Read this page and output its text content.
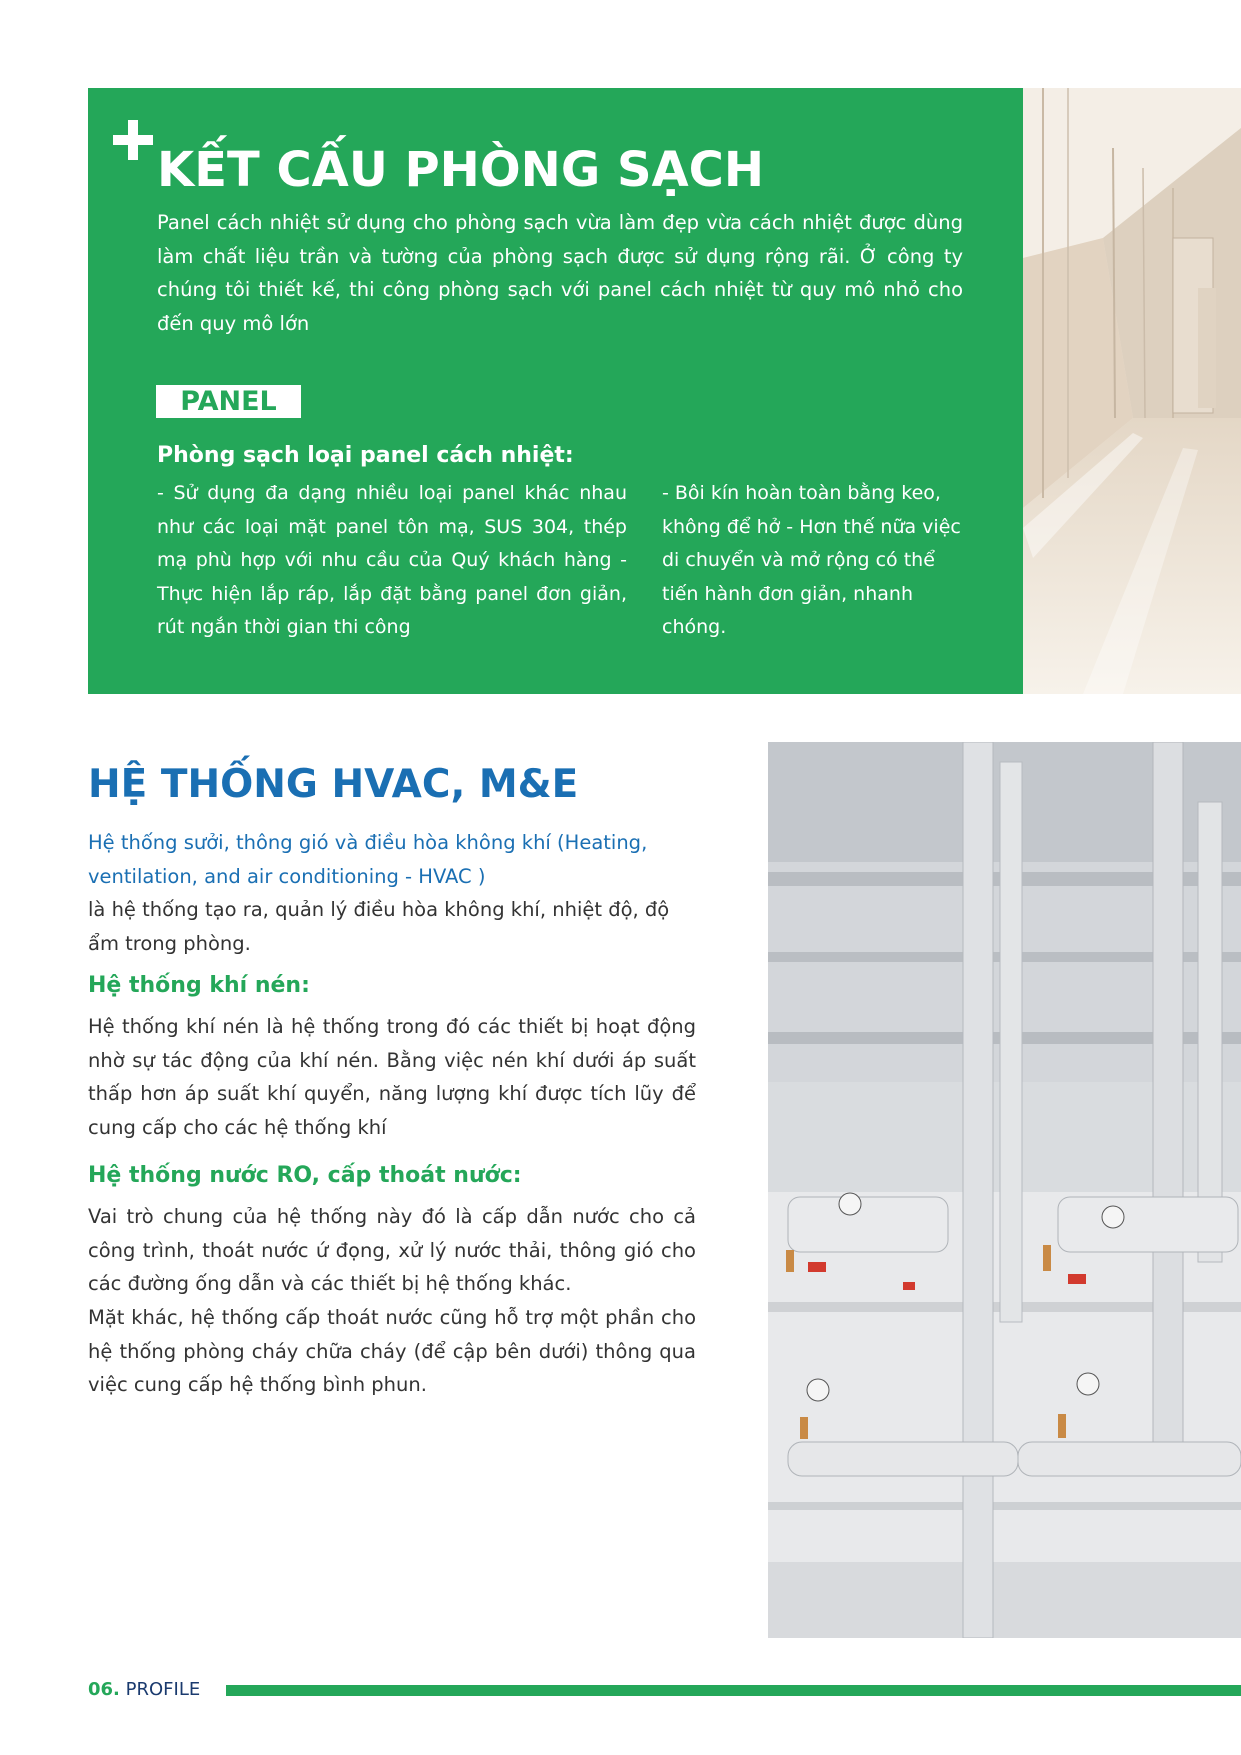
KẾT CẤU PHÒNG SẠCH

Panel cách nhiệt sử dụng cho phòng sạch vừa làm đẹp vừa cách nhiệt được dùng làm chất liệu trần và tường của phòng sạch được sử dụng rộng rãi. Ở công ty chúng tôi thiết kế, thi công phòng sạch với panel cách nhiệt từ quy mô nhỏ cho đến quy mô lớn

PANEL
Phòng sạch loại panel cách nhiệt:

- Sử dụng đa dạng nhiều loại panel khác nhau như các loại mặt panel tôn mạ, SUS 304, thép mạ phù hợp với nhu cầu của Quý khách hàng - Thực hiện lắp ráp, lắp đặt bằng panel đơn giản, rút ngắn thời gian thi công

- Bôi kín hoàn toàn bằng keo, không để hở - Hơn thế nữa việc di chuyển và mở rộng có thể tiến hành đơn giản, nhanh chóng.

HỆ THỐNG HVAC, M&E

Hệ thống sưởi, thông gió và điều hòa không khí (Heating, ventilation, and air conditioning - HVAC )

là hệ thống tạo ra, quản lý điều hòa không khí, nhiệt độ, độ ẩm trong phòng.

Hệ thống khí nén:

Hệ thống khí nén là hệ thống trong đó các thiết bị hoạt động nhờ sự tác động của khí nén. Bằng việc nén khí dưới áp suất thấp hơn áp suất khí quyển, năng lượng khí được tích lũy để cung cấp cho các hệ thống khí

Hệ thống nước RO, cấp thoát nước:

Vai trò chung của hệ thống này đó là cấp dẫn nước cho cả công trình, thoát nước ứ đọng, xử lý nước thải, thông gió cho các đường ống dẫn và các thiết bị hệ thống khác.

Mặt khác, hệ thống cấp thoát nước cũng hỗ trợ một phần cho hệ thống phòng cháy chữa cháy (để cập bên dưới) thông qua việc cung cấp hệ thống bình phun.

06. PROFILE
